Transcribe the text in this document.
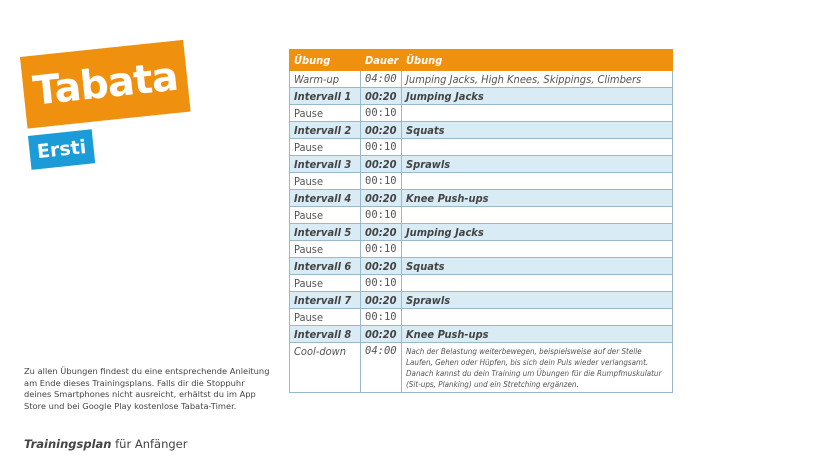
Tabata
Ersti
Übung	Dauer	Übung
Warm-up	04:00	Jumping Jacks, High Knees, Skippings, Climbers
Intervall 1	00:20	Jumping Jacks
Pause	00:10	
Intervall 2	00:20	Squats
Pause	00:10	
Intervall 3	00:20	Sprawls
Pause	00:10	
Intervall 4	00:20	Knee Push-ups
Pause	00:10	
Intervall 5	00:20	Jumping Jacks
Pause	00:10	
Intervall 6	00:20	Squats
Pause	00:10	
Intervall 7	00:20	Sprawls
Pause	00:10	
Intervall 8	00:20	Knee Push-ups
Cool-down	04:00	Nach der Belastung weiterbewegen, beispielsweise auf der Stelle Laufen, Gehen oder Hüpfen, bis sich dein Puls wieder verlangsamt. Danach kannst du dein Training um Übungen für die Rumpfmuskulatur (Sit-ups, Planking) und ein Stretching ergänzen.
Zu allen Übungen findest du eine entsprechende Anleitung am Ende dieses Trainingsplans. Falls dir die Stoppuhr deines Smartphones nicht ausreicht, erhältst du im App Store und bei Google Play kostenlose Tabata-Timer.
Trainingsplan für Anfänger
